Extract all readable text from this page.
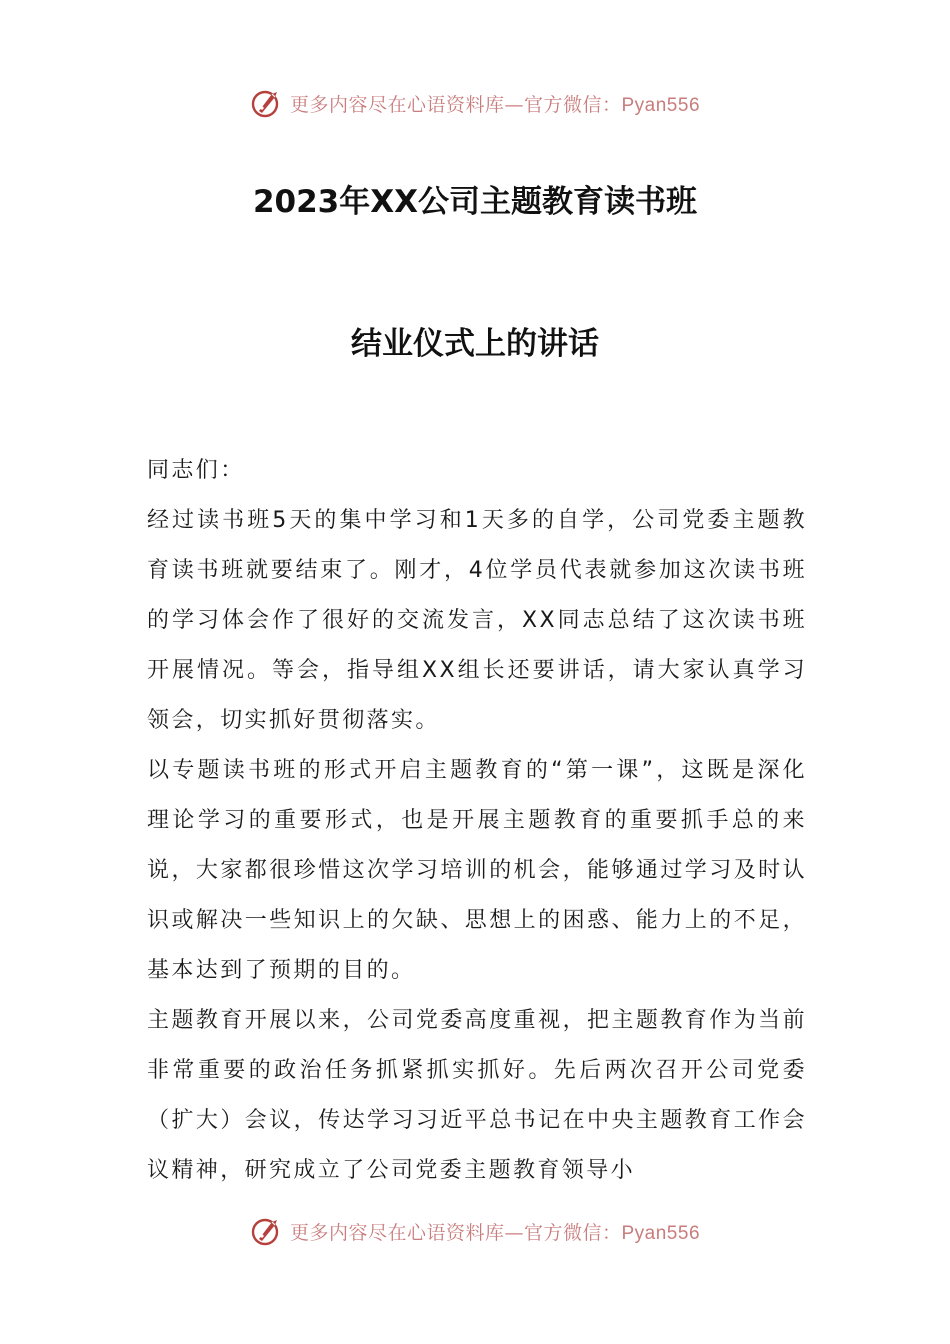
更多内容尽在心语资料库—官方微信：Pyan556
2023年XX公司主题教育读书班
结业仪式上的讲话

同志们：

经过读书班5天的集中学习和1天多的自学，公司党委主题教育读书班就要结束了。刚才，4位学员代表就参加这次读书班的学习体会作了很好的交流发言，XX同志总结了这次读书班开展情况。等会，指导组XX组长还要讲话，请大家认真学习领会，切实抓好贯彻落实。

以专题读书班的形式开启主题教育的“第一课”，这既是深化理论学习的重要形式，也是开展主题教育的重要抓手总的来说，大家都很珍惜这次学习培训的机会，能够通过学习及时认识或解决一些知识上的欠缺、思想上的困惑、能力上的不足，基本达到了预期的目的。

主题教育开展以来，公司党委高度重视，把主题教育作为当前非常重要的政治任务抓紧抓实抓好。先后两次召开公司党委（扩大）会议，传达学习习近平总书记在中央主题教育工作会议精神，研究成立了公司党委主题教育领导小

更多内容尽在心语资料库—官方微信：Pyan556
